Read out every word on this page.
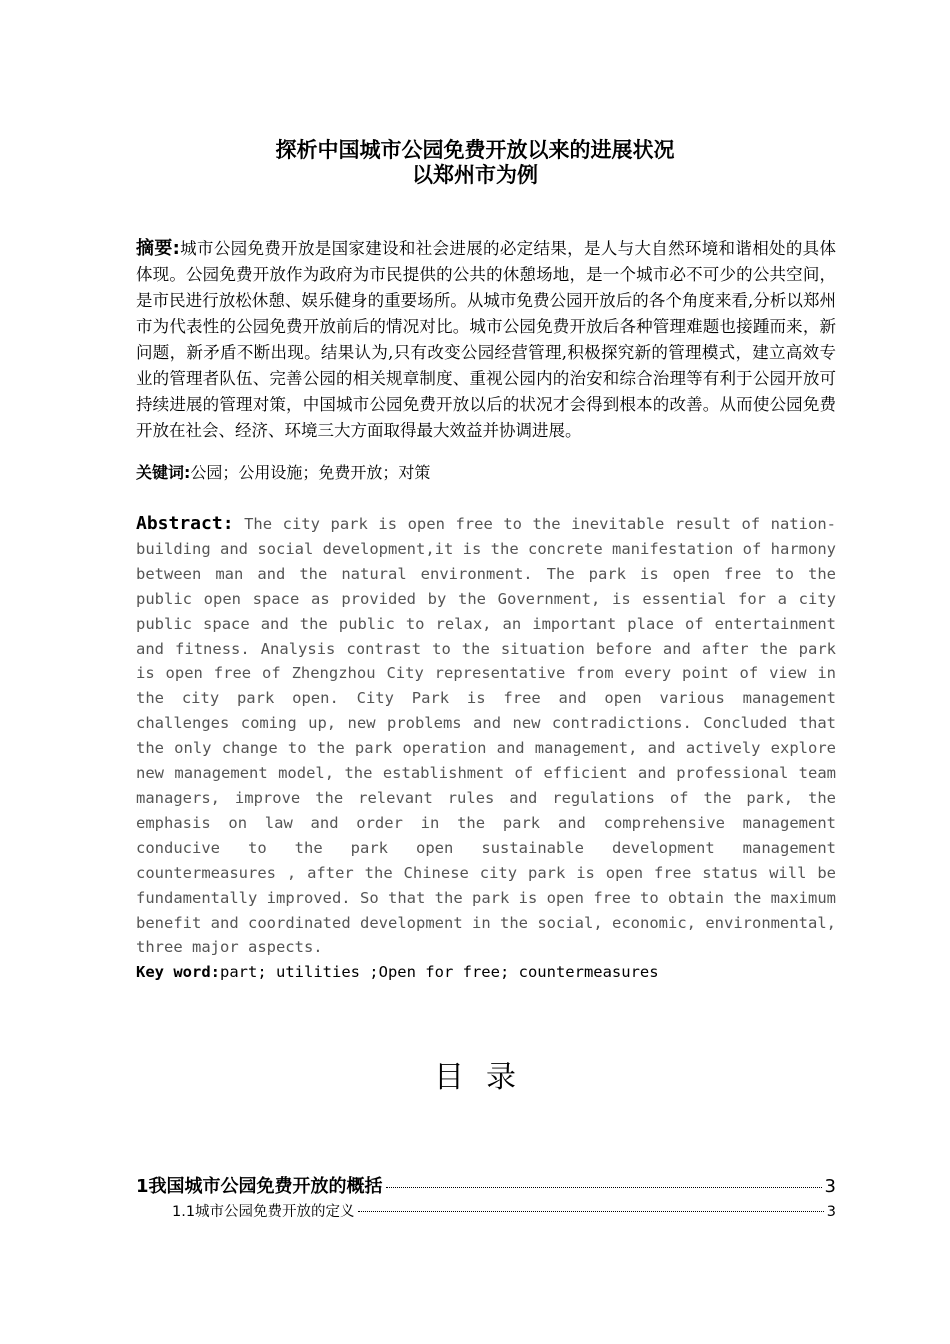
探析中国城市公园免费开放以来的进展状况
以郑州市为例
摘要:城市公园免费开放是国家建设和社会进展的必定结果，是人与大自然环境和谐相处的具体体现。公园免费开放作为政府为市民提供的公共的休憩场地，是一个城市必不可少的公共空间，是市民进行放松休憩、娱乐健身的重要场所。从城市免费公园开放后的各个角度来看,分析以郑州市为代表性的公园免费开放前后的情况对比。城市公园免费开放后各种管理难题也接踵而来，新问题，新矛盾不断出现。结果认为,只有改变公园经营管理,积极探究新的管理模式，建立高效专业的管理者队伍、完善公园的相关规章制度、重视公园内的治安和综合治理等有利于公园开放可持续进展的管理对策，中国城市公园免费开放以后的状况才会得到根本的改善。从而使公园免费开放在社会、经济、环境三大方面取得最大效益并协调进展。
关键词:公园；公用设施；免费开放；对策
Abstract: The city park is open free to the inevitable result of nation-building and social development,it is the concrete manifestation of harmony between man and the natural environment. The park is open free to the public open space as provided by the Government, is essential for a city public space and the public to relax, an important place of entertainment and fitness. Analysis contrast to the situation before and after the park is open free of Zhengzhou City representative from every point of view in the city park open. City Park is free and open various management challenges coming up, new problems and new contradictions. Concluded that the only change to the park operation and management, and actively explore new management model, the establishment of efficient and professional team managers, improve the relevant rules and regulations of the park, the emphasis on law and order in the park and comprehensive management conducive to the park open sustainable development management countermeasures , after the Chinese city park is open free status will be fundamentally improved. So that the park is open free to obtain the maximum benefit and coordinated development in the social, economic, environmental, three major aspects.
Key word:part; utilities ;Open for free; countermeasures
目录
1我国城市公园免费开放的概括	3
1.1城市公园免费开放的定义	3
